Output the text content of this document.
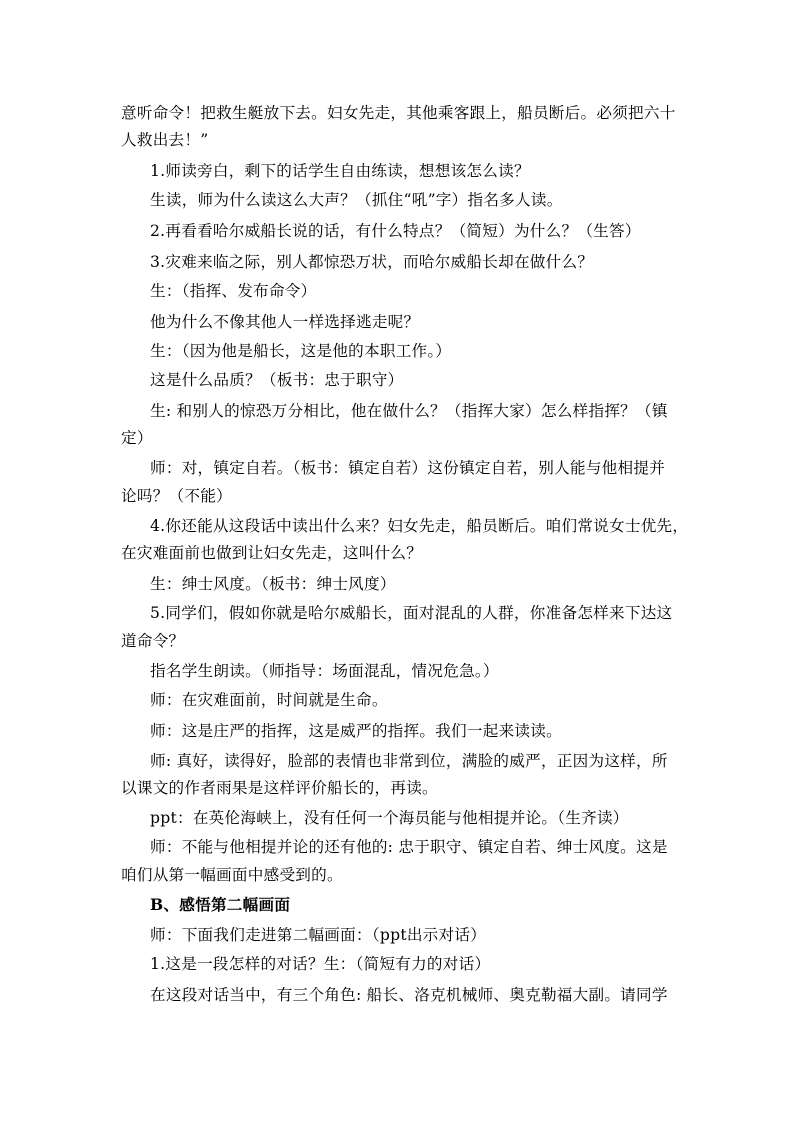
意听命令！把救生艇放下去。妇女先走，其他乘客跟上，船员断后。必须把六十
人救出去！”
1.师读旁白，剩下的话学生自由练读，想想该怎么读？
生读，师为什么读这么大声？（抓住“吼”字）指名多人读。
2.再看看哈尔威船长说的话，有什么特点？（简短）为什么？（生答）
3.灾难来临之际，别人都惊恐万状，而哈尔威船长却在做什么？
生：（指挥、发布命令）
他为什么不像其他人一样选择逃走呢？
生：（因为他是船长，这是他的本职工作。）
这是什么品质？（板书：忠于职守）
生: 和别人的惊恐万分相比，他在做什么？（指挥大家）怎么样指挥？（镇
定）
师：对，镇定自若。（板书：镇定自若）这份镇定自若，别人能与他相提并
论吗？（不能）
4.你还能从这段话中读出什么来？妇女先走，船员断后。咱们常说女士优先，
在灾难面前也做到让妇女先走，这叫什么？
生：绅士风度。（板书：绅士风度）
5.同学们，假如你就是哈尔威船长，面对混乱的人群，你准备怎样来下达这
道命令？
指名学生朗读。（师指导：场面混乱，情况危急。）
师：在灾难面前，时间就是生命。
师：这是庄严的指挥，这是威严的指挥。我们一起来读读。
师: 真好，读得好，脸部的表情也非常到位，满脸的威严，正因为这样，所
以课文的作者雨果是这样评价船长的，再读。
ppt：在英伦海峡上，没有任何一个海员能与他相提并论。（生齐读）
师：不能与他相提并论的还有他的: 忠于职守、镇定自若、绅士风度。这是
咱们从第一幅画面中感受到的。
B、感悟第二幅画面
师：下面我们走进第二幅画面：（ppt出示对话）
1.这是一段怎样的对话？生：（简短有力的对话）
在这段对话当中，有三个角色: 船长、洛克机械师、奥克勒福大副。请同学
